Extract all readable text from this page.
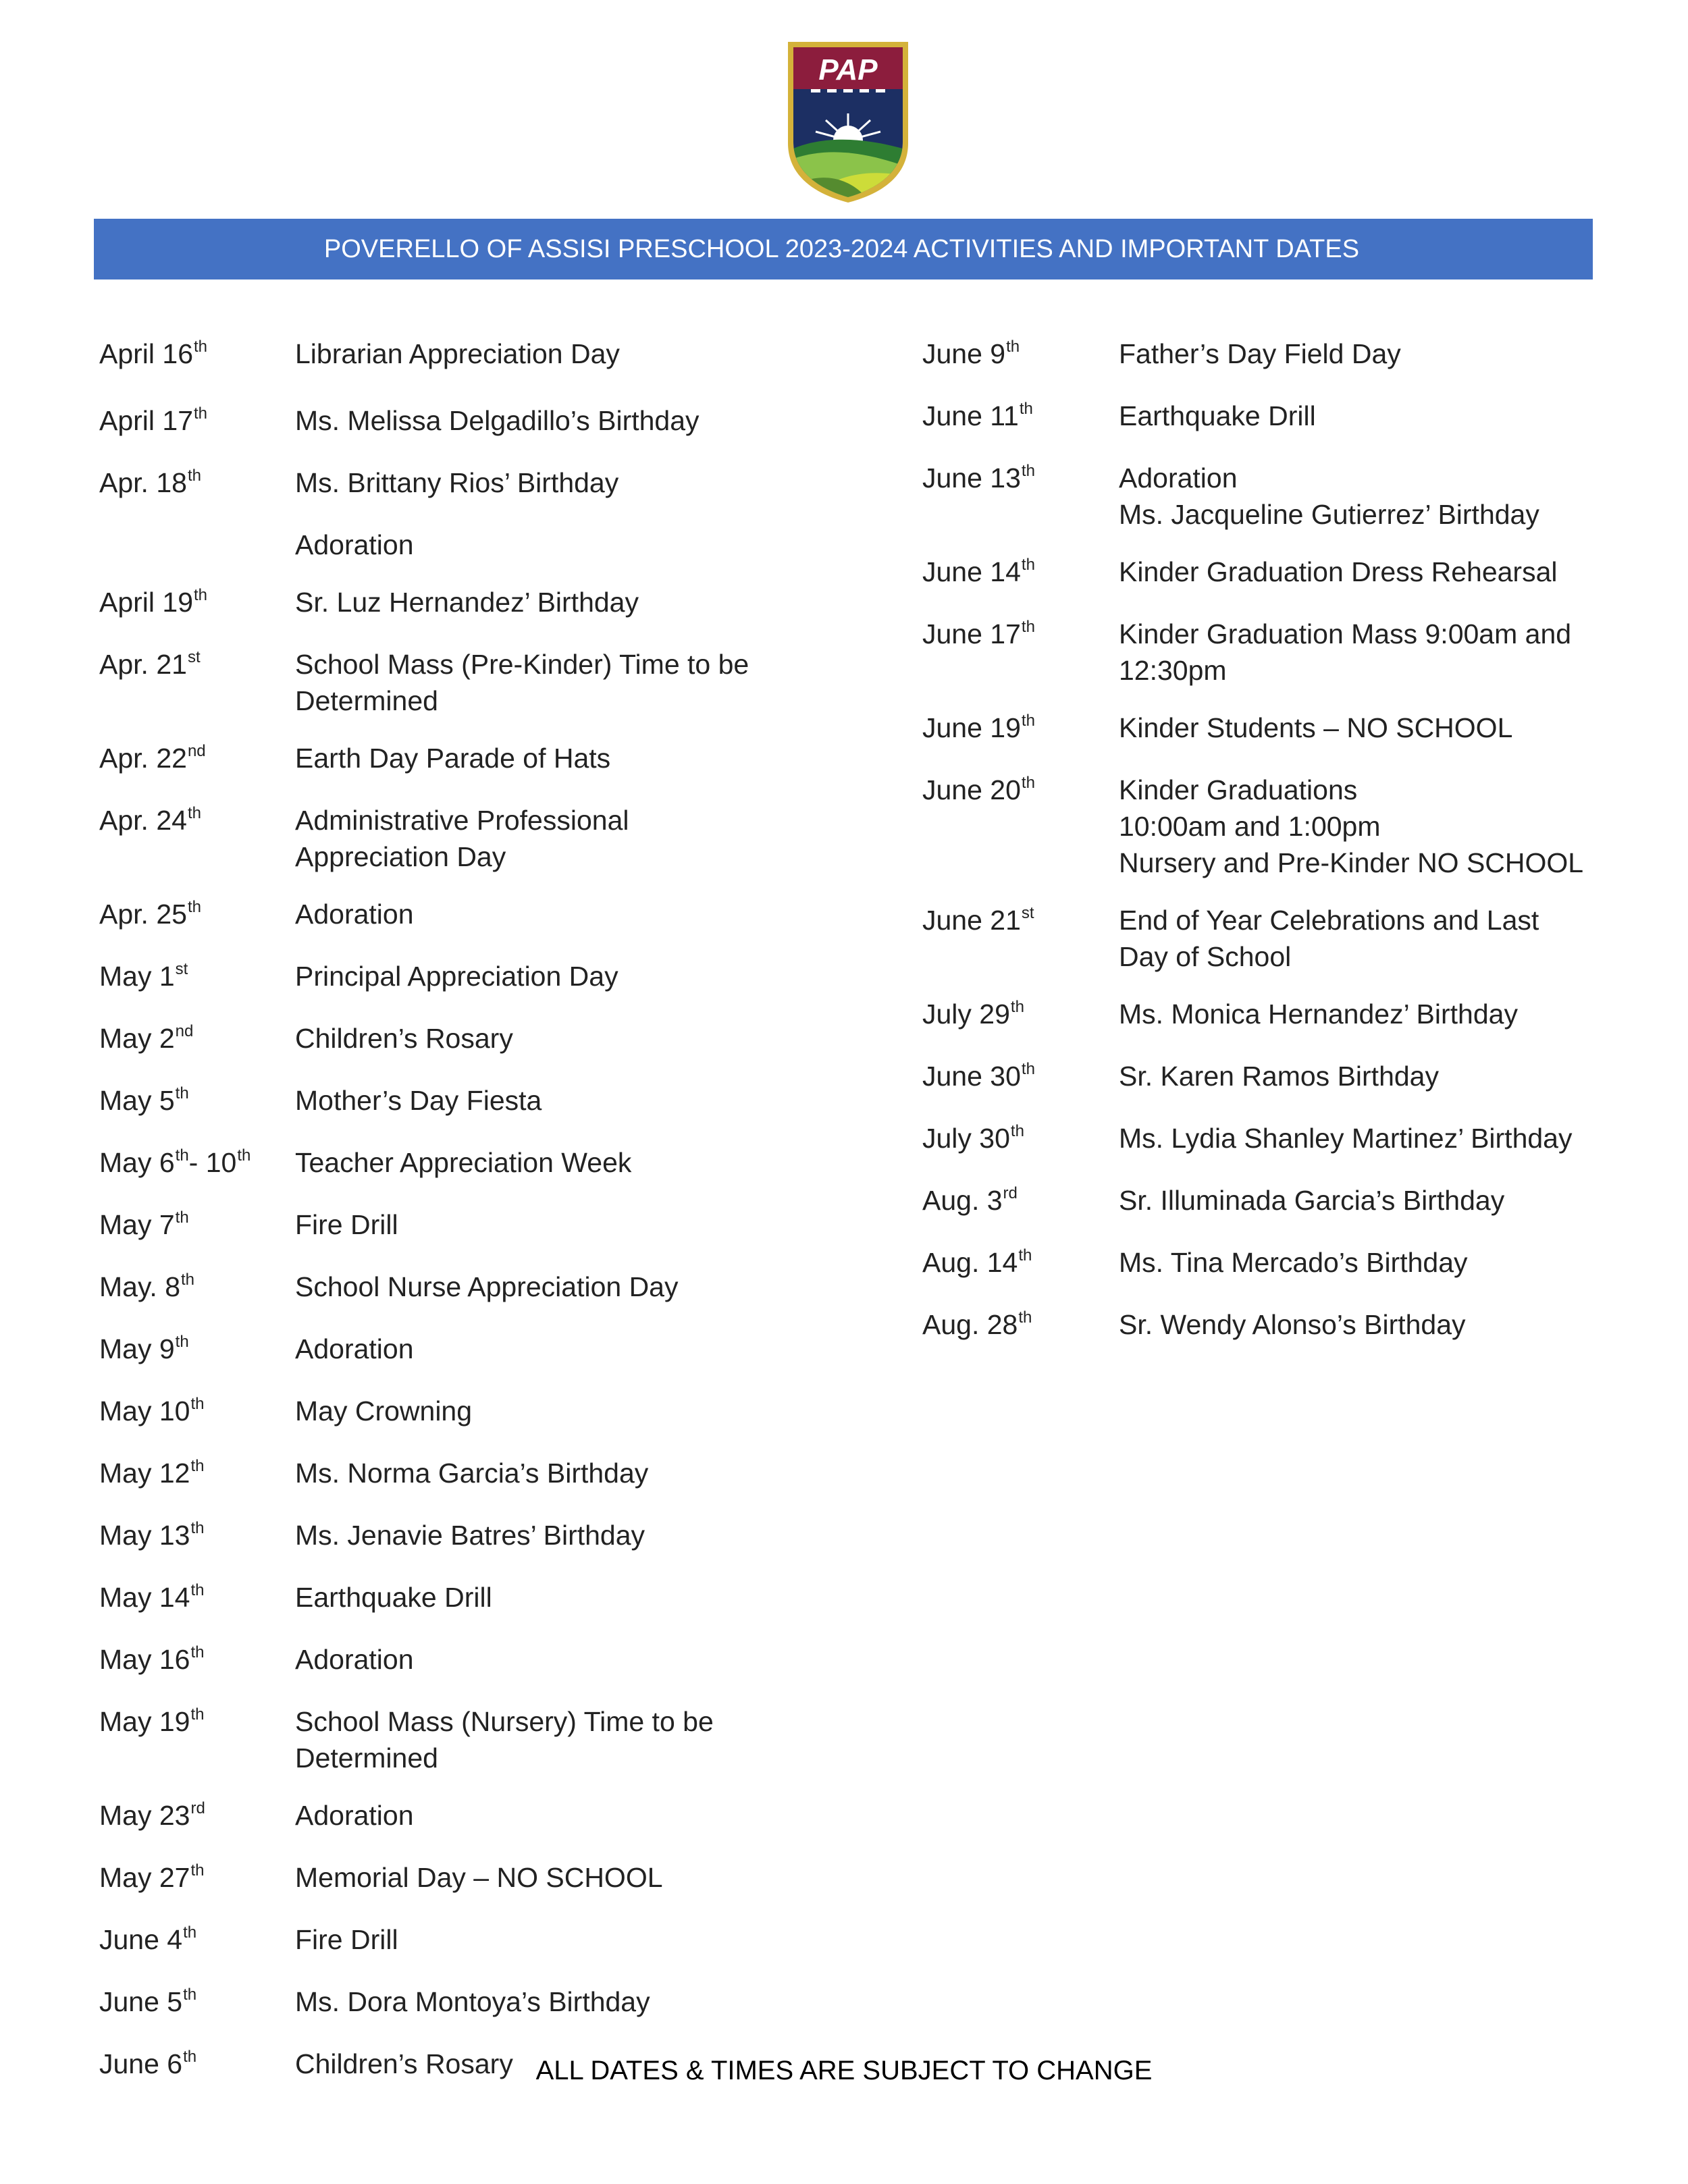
PAP
POVERELLO OF ASSISI PRESCHOOL 2023-2024 ACTIVITIES AND IMPORTANT DATES
April 16th	Librarian Appreciation Day
April 17th	Ms. Melissa Delgadillo’s Birthday
Apr. 18th	Ms. Brittany Rios’ Birthday
Adoration
April 19th	Sr. Luz Hernandez’ Birthday
Apr. 21st	School Mass (Pre-Kinder) Time to be
Determined
Apr. 22nd	Earth Day Parade of Hats
Apr. 24th	Administrative Professional
Appreciation Day
Apr. 25th	Adoration
May 1st	Principal Appreciation Day
May 2nd	Children’s Rosary
May 5th	Mother’s Day Fiesta
May 6th- 10th	Teacher Appreciation Week
May 7th	Fire Drill
May. 8th	School Nurse Appreciation Day
May 9th	Adoration
May 10th	May Crowning
May 12th	Ms. Norma Garcia’s Birthday
May 13th	Ms. Jenavie Batres’ Birthday
May 14th	Earthquake Drill
May 16th	Adoration
May 19th	School Mass (Nursery) Time to be
Determined
May 23rd	Adoration
May 27th	Memorial Day – NO SCHOOL
June 4th	Fire Drill
June 5th	Ms. Dora Montoya’s Birthday
June 6th	Children’s Rosary
June 9th	Father’s Day Field Day
June 11th	Earthquake Drill
June 13th	Adoration
Ms. Jacqueline Gutierrez’ Birthday
June 14th	Kinder Graduation Dress Rehearsal
June 17th	Kinder Graduation Mass 9:00am and
12:30pm
June 19th	Kinder Students – NO SCHOOL
June 20th	Kinder Graduations
10:00am and 1:00pm
Nursery and Pre-Kinder NO SCHOOL
June 21st	End of Year Celebrations and Last
Day of School
July 29th	Ms. Monica Hernandez’ Birthday
June 30th	Sr. Karen Ramos Birthday
July 30th	Ms. Lydia Shanley Martinez’ Birthday
Aug. 3rd	Sr. Illuminada Garcia’s Birthday
Aug. 14th	Ms. Tina Mercado’s Birthday
Aug. 28th	Sr. Wendy Alonso’s Birthday
ALL DATES & TIMES ARE SUBJECT TO CHANGE
